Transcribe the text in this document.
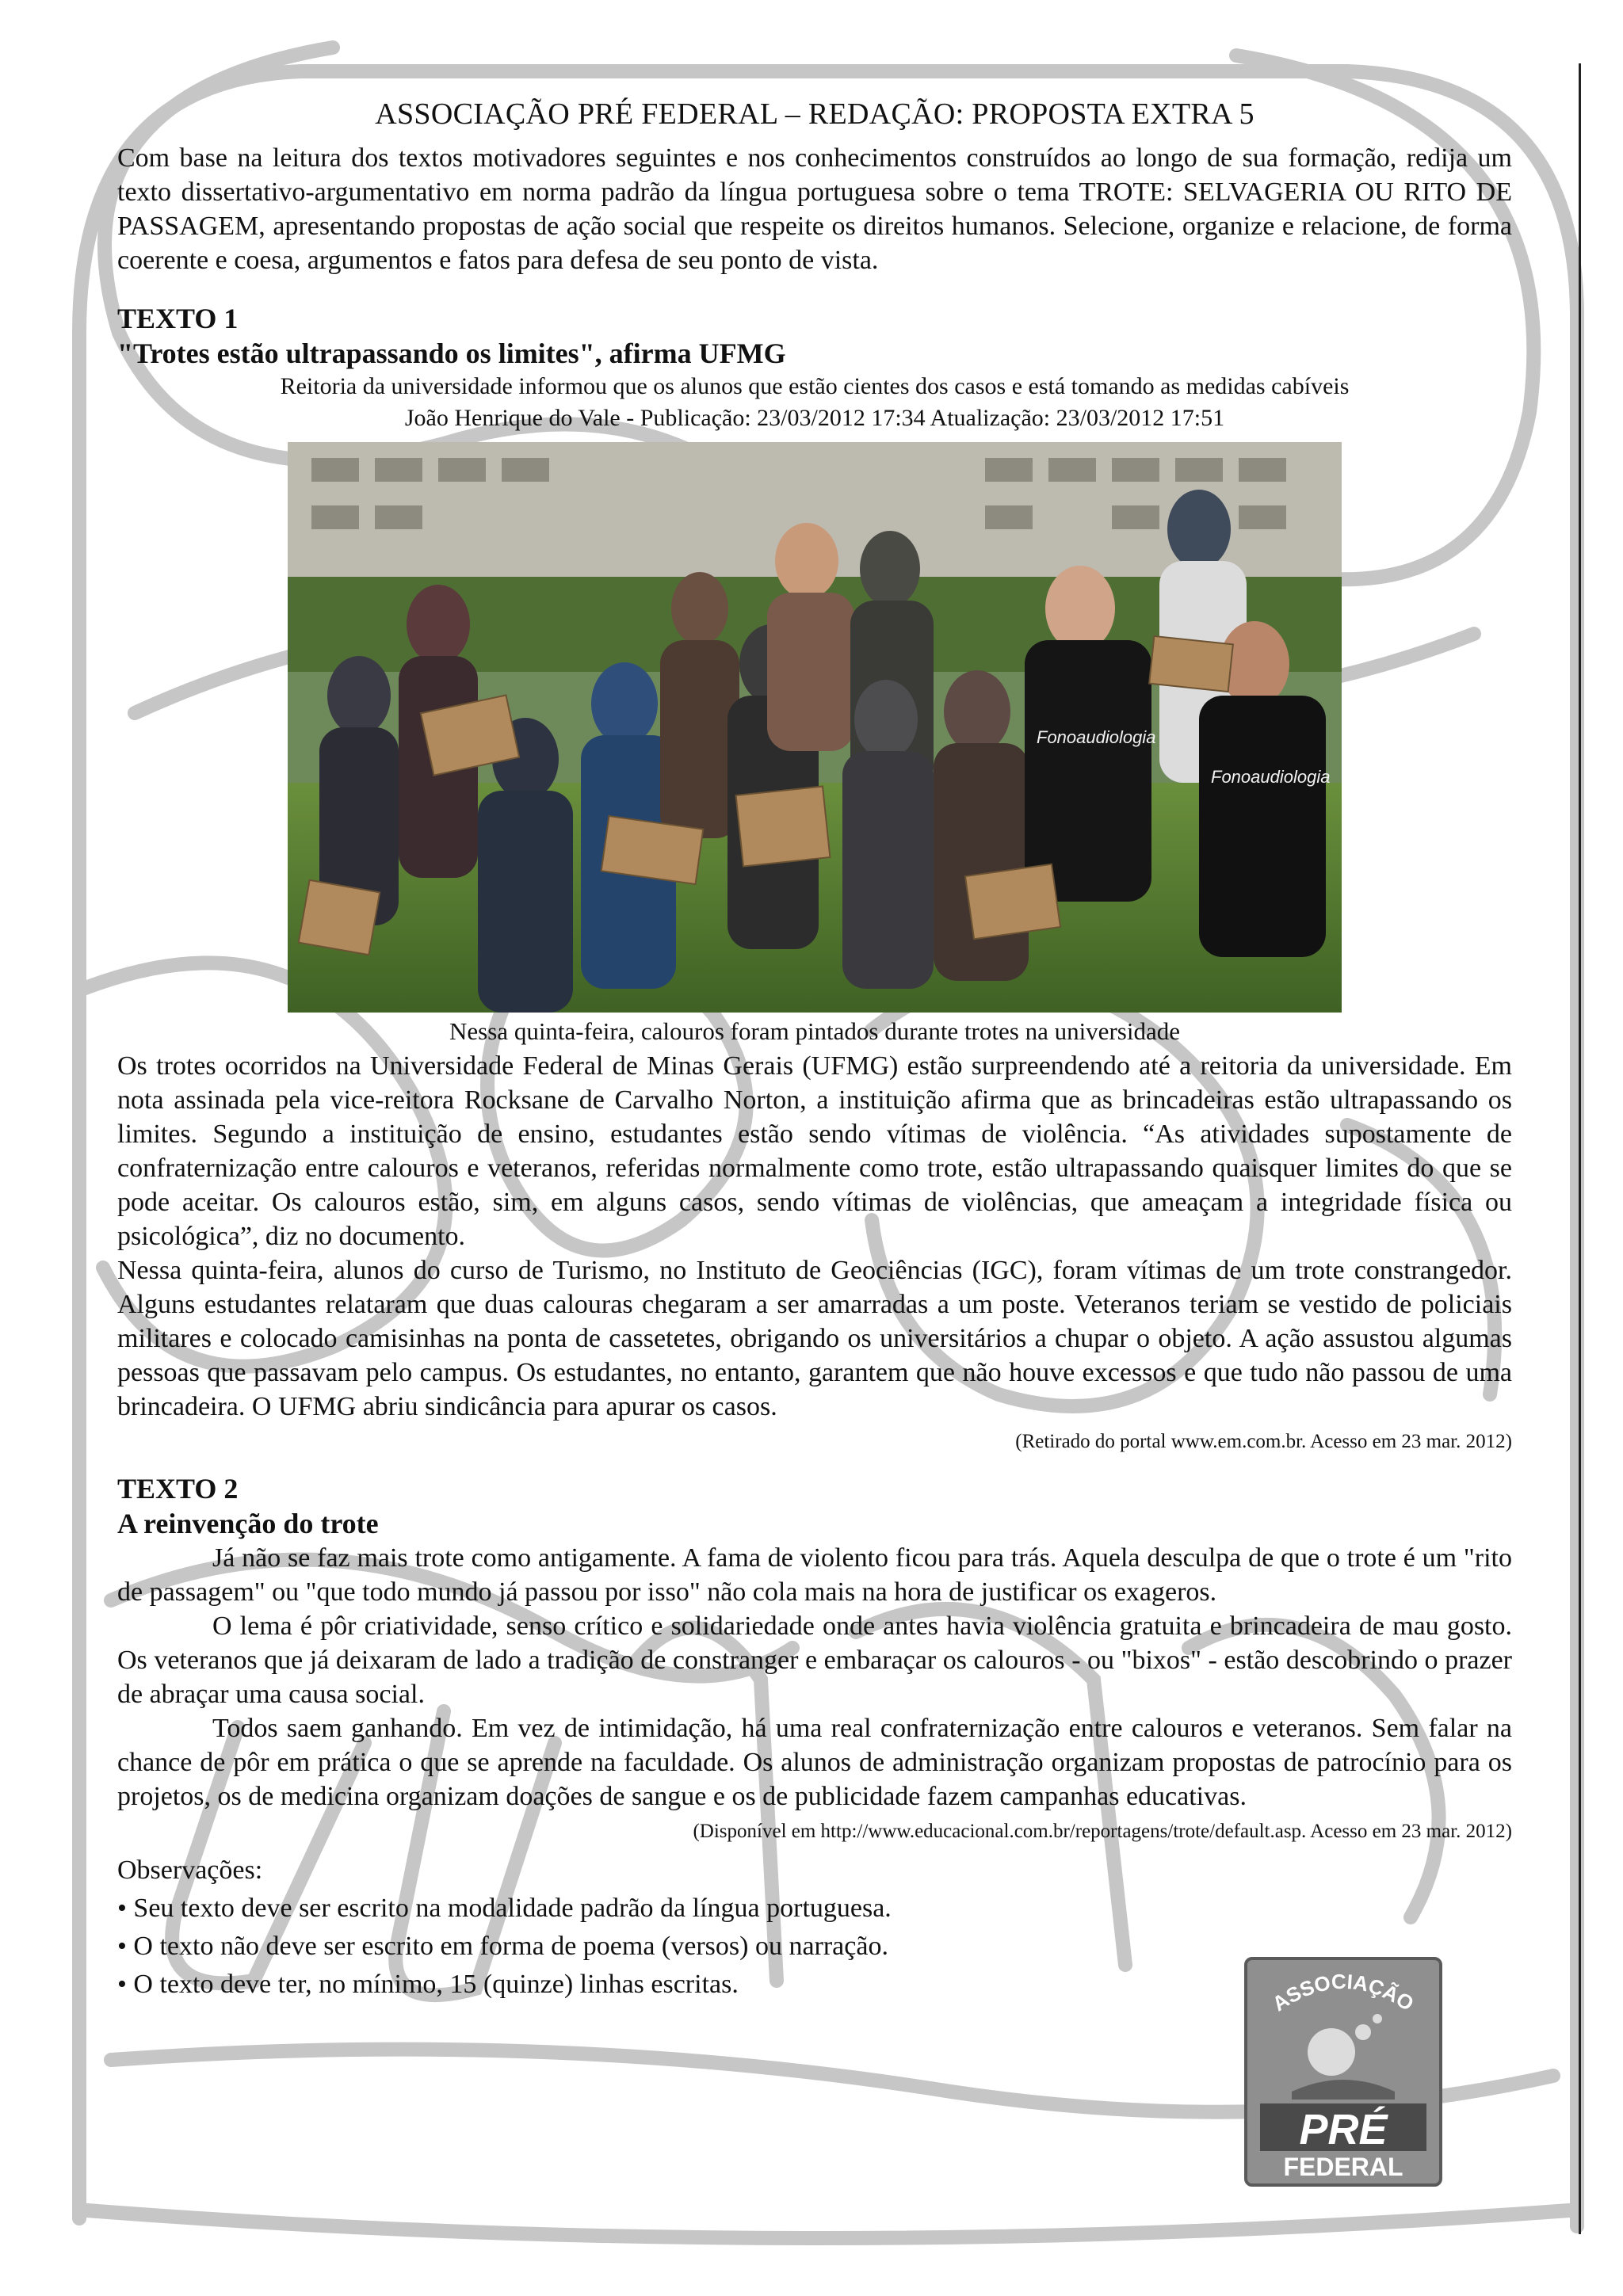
ASSOCIAÇÃO PRÉ FEDERAL – REDAÇÃO: PROPOSTA EXTRA 5

Com base na leitura dos textos motivadores seguintes e nos conhecimentos construídos ao longo de sua formação, redija um texto dissertativo-argumentativo em norma padrão da língua portuguesa sobre o tema TROTE: SELVAGERIA OU RITO DE PASSAGEM, apresentando propostas de ação social que respeite os direitos humanos. Selecione, organize e relacione, de forma coerente e coesa, argumentos e fatos para defesa de seu ponto de vista.

TEXTO 1

"Trotes estão ultrapassando os limites", afirma UFMG

Reitoria da universidade informou que os alunos que estão cientes dos casos e está tomando as medidas cabíveis

João Henrique do Vale - Publicação: 23/03/2012 17:34 Atualização: 23/03/2012 17:51

Fonoaudiologia
Fonoaudiologia
Nessa quinta-feira, calouros foram pintados durante trotes na universidade

Os trotes ocorridos na Universidade Federal de Minas Gerais (UFMG) estão surpreendendo até a reitoria da universidade. Em nota assinada pela vice-reitora Rocksane de Carvalho Norton, a instituição afirma que as brincadeiras estão ultrapassando os limites. Segundo a instituição de ensino, estudantes estão sendo vítimas de violência. “As atividades supostamente de confraternização entre calouros e veteranos, referidas normalmente como trote, estão ultrapassando quaisquer limites do que se pode aceitar. Os calouros estão, sim, em alguns casos, sendo vítimas de violências, que ameaçam a integridade física ou psicológica”, diz no documento.

Nessa quinta-feira, alunos do curso de Turismo, no Instituto de Geociências (IGC), foram vítimas de um trote constrangedor. Alguns estudantes relataram que duas calouras chegaram a ser amarradas a um poste. Veteranos teriam se vestido de policiais militares e colocado camisinhas na ponta de cassetetes, obrigando os universitários a chupar o objeto. A ação assustou algumas pessoas que passavam pelo campus. Os estudantes, no entanto, garantem que não houve excessos e que tudo não passou de uma brincadeira. O UFMG abriu sindicância para apurar os casos.

(Retirado do portal www.em.com.br. Acesso em 23 mar. 2012)

TEXTO 2

A reinvenção do trote

Já não se faz mais trote como antigamente. A fama de violento ficou para trás. Aquela desculpa de que o trote é um "rito de passagem" ou "que todo mundo já passou por isso" não cola mais na hora de justificar os exageros.

O lema é pôr criatividade, senso crítico e solidariedade onde antes havia violência gratuita e brincadeira de mau gosto. Os veteranos que já deixaram de lado a tradição de constranger e embaraçar os calouros - ou "bixos" - estão descobrindo o prazer de abraçar uma causa social.

Todos saem ganhando. Em vez de intimidação, há uma real confraternização entre calouros e veteranos. Sem falar na chance de pôr em prática o que se aprende na faculdade. Os alunos de administração organizam propostas de patrocínio para os projetos, os de medicina organizam doações de sangue e os de publicidade fazem campanhas educativas.

(Disponível em http://www.educacional.com.br/reportagens/trote/default.asp. Acesso em 23 mar. 2012)

Observações:

• Seu texto deve ser escrito na modalidade padrão da língua portuguesa.

• O texto não deve ser escrito em forma de poema (versos) ou narração.

• O texto deve ter, no mínimo, 15 (quinze) linhas escritas.

ASSOCIAÇÃO
PRÉ
FEDERAL
